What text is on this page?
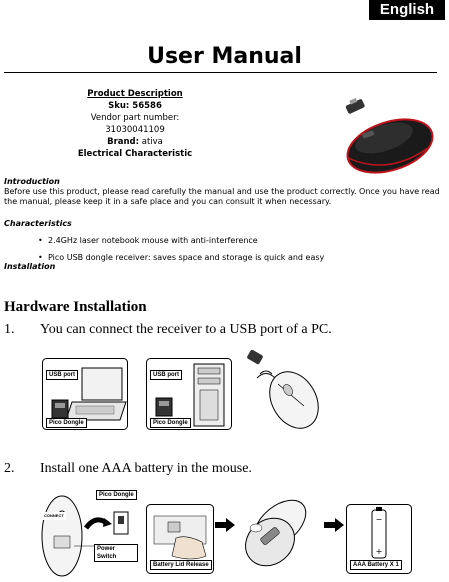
English
User Manual
Product Description
Sku: 56586
Vendor part number:
31030041109
Brand: ativa
Electrical Characteristic
Introduction
Before use this product, please read carefully the manual and use the product correctly. Once you have read the manual, please keep it in a safe place and you can consult it when necessary.
Characteristics
• 2.4GHz laser notebook mouse with anti-interference
• Pico USB dongle receiver: saves space and storage is quick and easy
Installation
Hardware Installation
1. You can connect the receiver to a USB port of a PC.
USB port
Pico Dongle
USB port
Pico Dongle
2. Install one AAA battery in the mouse.
Pico Dongle
CONNECT
Power Switch
Battery Lid Release
−
+
AAA Battery X 1
